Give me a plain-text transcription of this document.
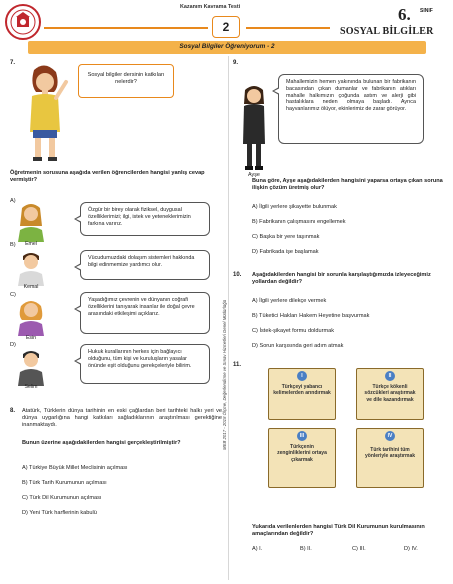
Kazanım Kavrama Testi
2
6. SINIF
SOSYAL BİLGİLER
Sosyal Bilgiler Öğreniyorum - 2
MEB 2017 - 2018 Ölçme, Değerlendirme ve Sınav Hizmetleri Genel Müdürlüğü
7.
Sosyal bilgiler dersinin katkıları nelerdir?
Öğretmenin sorusuna aşağıda verilen öğrencilerden hangisi yanlış cevap vermiştir?
A)
Emel
Özgür bir birey olarak fiziksel, duygusal özelliklerimizi; ilgi, istek ve yeteneklerimizin farkına varırız.
B)
Kemal
Vücudumuzdaki dolaşım sistemleri hakkında bilgi edinmemize yardımcı olur.
C)
Esin
Yaşadığımız çevrenin ve dünyanın coğrafi özelliklerini tanıyarak insanlar ile doğal çevre arasındaki etkileşimi açıklarız.
D)
Selim
Hukuk kurallarının herkes için bağlayıcı olduğunu, tüm kişi ve kuruluşların yasalar önünde eşit olduğunu gerekçeleriyle bilirim.
8. Atatürk, Türklerin dünya tarihinin en eski çağlardan beri tarihteki halkı yeri ve dünya uygarlığına hangi katkıları sağladıklarının araştırılması gerektiğine inanmaktaydı.
Bunun üzerine aşağıdakilerden hangisi gerçekleştirilmiştir?
A) Türkiye Büyük Millet Meclisinin açılması
B) Türk Tarih Kurumunun açılması
C) Türk Dil Kurumunun açılması
D) Yeni Türk harflerinin kabulü
9.
Ayşe
Mahallemizin hemen yakınında bulunan bir fabrikanın bacasından çıkan dumanlar ve fabrikanın atıkları mahalle halkımızın çoğunda astım ve alerji gibi hastalıklara neden olmaya başladı. Ayrıca hayvanlarımız ölüyor, ekinlerimiz de zarar görüyor.
Buna göre, Ayşe aşağıdakilerden hangisini yaparsa ortaya çıkan soruna ilişkin çözüm üretmiş olur?
A) İlgili yerlere şikayette bulunmak
B) Fabrikanın çalışmasını engellemek
C) Başka bir yere taşınmak
D) Fabrikada işe başlamak
10. Aşağıdakilerden hangisi bir sorunla karşılaştığımızda izleyeceğimiz yollardan değildir?
A) İlgili yerlere dilekçe vermek
B) Tüketici Hakları Hakem Heyetine başvurmak
C) İstek-şikayet formu doldurmak
D) Sorun karşısında geri adım atmak
11.
I
Türkçeyi yabancı kelimelerden arındırmak
II
Türkçe kökenli sözcükleri araştırmak ve dile kazandırmak
III
Türkçenin zenginliklerini ortaya çıkarmak
IV
Türk tarihini tüm yönleriyle araştırmak
Yukarıda verilenlerden hangisi Türk Dil Kurumunun kurulmasının amaçlarından değildir?
A) I.	B) II.	C) III.	D) IV.
